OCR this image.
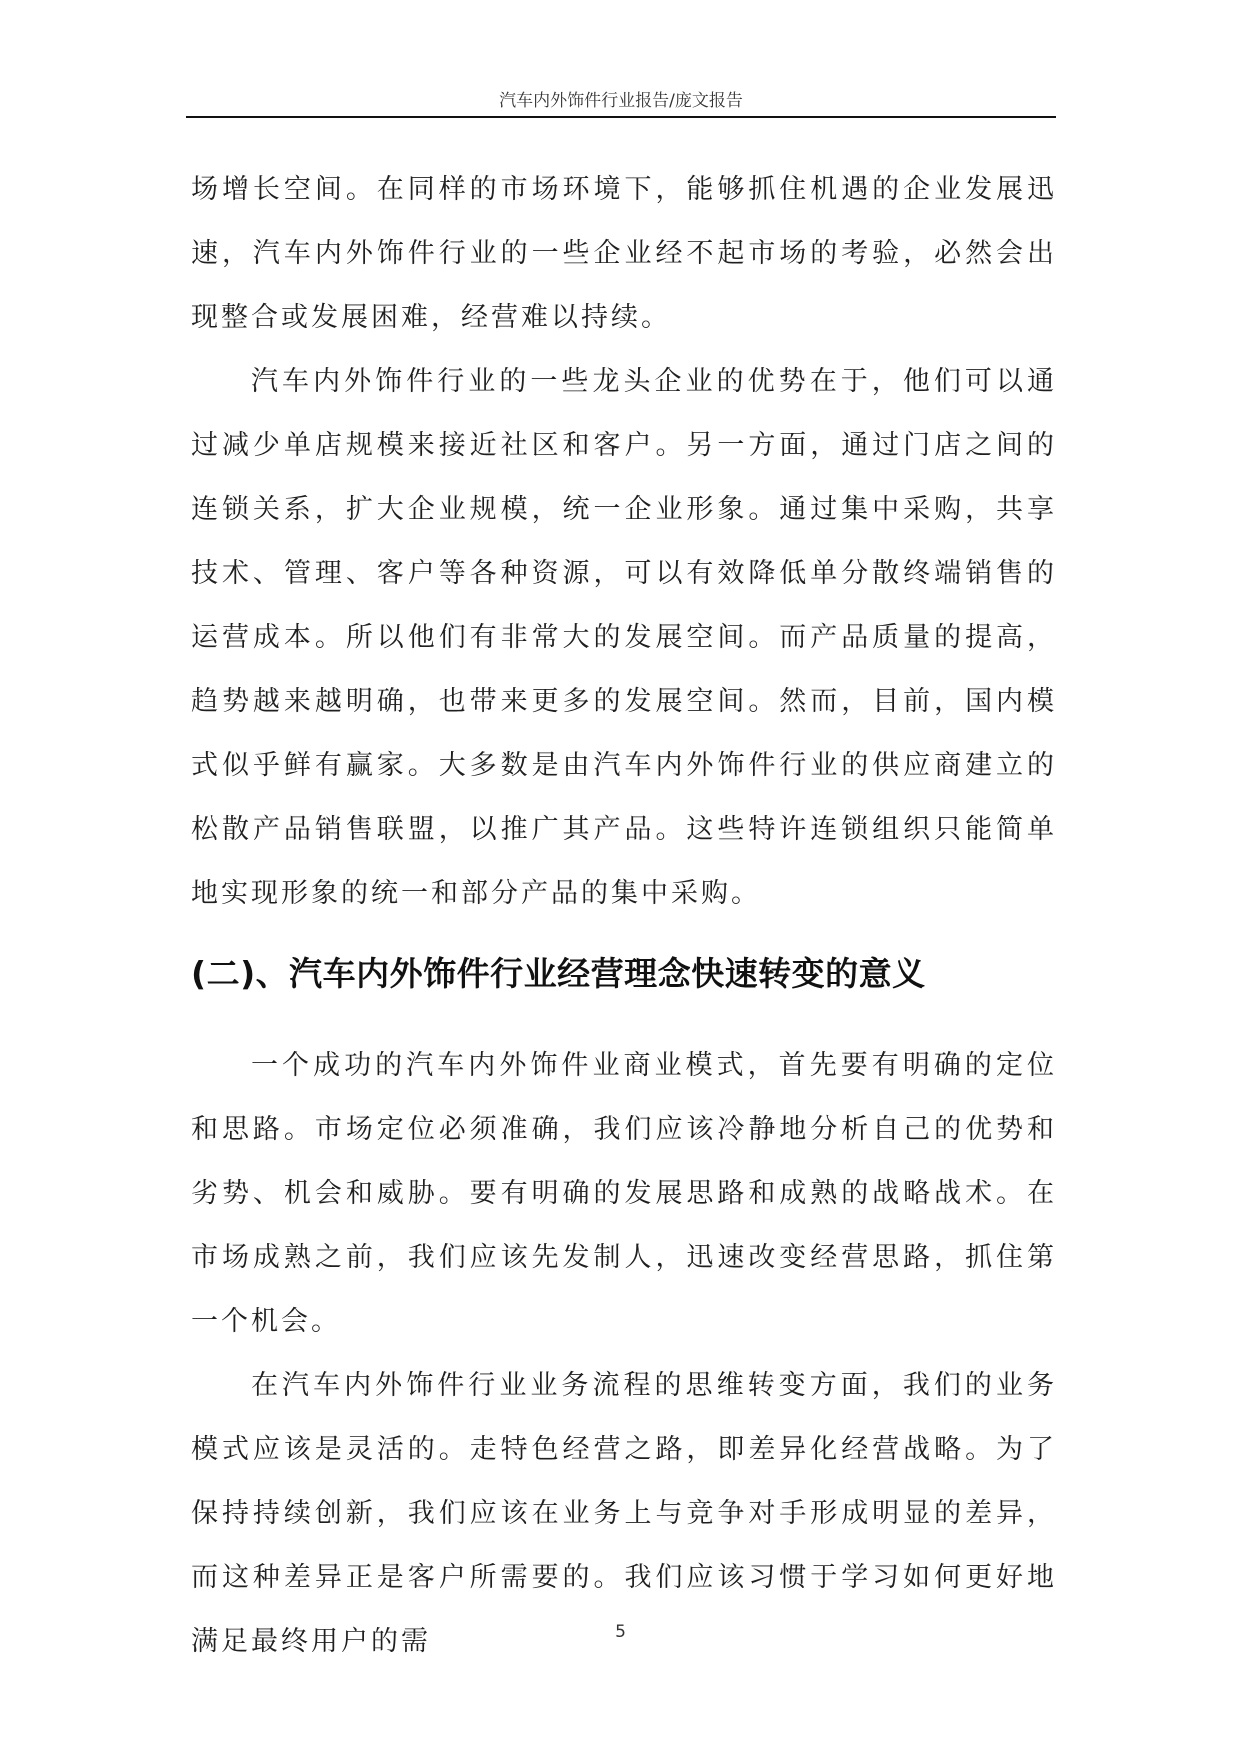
汽车内外饰件行业报告/庞文报告

场增长空间。在同样的市场环境下，能够抓住机遇的企业发展迅速，汽车内外饰件行业的一些企业经不起市场的考验，必然会出现整合或发展困难，经营难以持续。

汽车内外饰件行业的一些龙头企业的优势在于，他们可以通过减少单店规模来接近社区和客户。另一方面，通过门店之间的连锁关系，扩大企业规模，统一企业形象。通过集中采购，共享技术、管理、客户等各种资源，可以有效降低单分散终端销售的运营成本。所以他们有非常大的发展空间。而产品质量的提高，趋势越来越明确，也带来更多的发展空间。然而，目前，国内模式似乎鲜有赢家。大多数是由汽车内外饰件行业的供应商建立的松散产品销售联盟，以推广其产品。这些特许连锁组织只能简单地实现形象的统一和部分产品的集中采购。

(二)、汽车内外饰件行业经营理念快速转变的意义

一个成功的汽车内外饰件业商业模式，首先要有明确的定位和思路。市场定位必须准确，我们应该冷静地分析自己的优势和劣势、机会和威胁。要有明确的发展思路和成熟的战略战术。在市场成熟之前，我们应该先发制人，迅速改变经营思路，抓住第一个机会。

在汽车内外饰件行业业务流程的思维转变方面，我们的业务模式应该是灵活的。走特色经营之路，即差异化经营战略。为了保持持续创新，我们应该在业务上与竞争对手形成明显的差异，而这种差异正是客户所需要的。我们应该习惯于学习如何更好地满足最终用户的需	5
